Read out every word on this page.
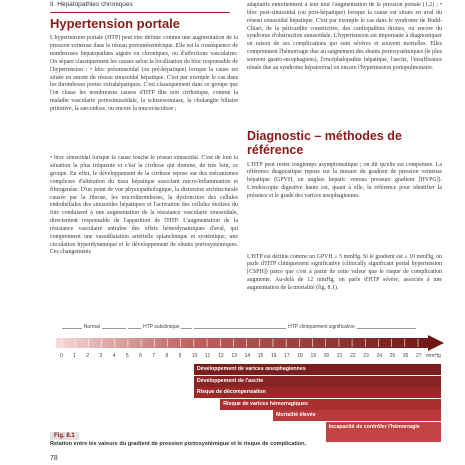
II. Hépatopathies chroniques
Hypertension portale

L'hypertension portale (HTP) peut être définie comme une augmentation de la pression veineuse dans le réseau portomésentérique. Elle est la conséquence de nombreuses hépatopathies aiguës ou chroniques, ou d'affections vasculaires. On sépare classiquement les causes selon la localisation du bloc responsable de l'hypertension : • bloc présinusoïdal (ou pré-hépatique) lorsque la cause est située en amont du réseau sinusoïdal hépatique. C'est par exemple le cas dans les thromboses portes extrahépatiques. C'est classiquement dans ce groupe que l'on classe les nombreuses causes d'HTP dite non cirrhotique, comme la maladie vasculaire portosinusoïdale, la schistosomiase, la cholangite biliaire primitive, la sarcoïdose, ou encore la mucoviscidose ;

• bloc sinusoïdal lorsque la cause touche le réseau sinusoïdal. C'est de loin la situation la plus fréquente et c'est la cirrhose qui domine, de très loin, ce groupe. En effet, le développement de la cirrhose repose sur des mécanismes complexes d'altération du tissu hépatique associant micro-inflammation et fibrogenèse. D'un point de vue physiopathologique, la distorsion architecturale causée par la fibrose, les microthromboses, la dysfonction des cellules endothéliales des sinusoïdes hépatiques et l'activation des cellules étoilées du foie conduisent à une augmentation de la résistance vasculaire sinusoïdale, directement responsable de l'apparition de l'HTP. L'augmentation de la résistance vasculaire entraîne des effets hémodynamiques d'aval, qui comprennent une vasodilatation artérielle splanchnique et systémique, une circulation hyperdynamique et le développement de shunts portosystémiques. Ces changements

adaptatifs entretiennent à leur tour l'augmentation de la pression portale [1,2] ; • bloc post-sinusoïdal (ou post-hépatique) lorsque la cause est située en aval du réseau sinusoïdal hépatique. C'est par exemple le cas dans le syndrome de Budd-Chiari, de la péricardite constrictive, des cardiopathies droites, ou encore du syndrome d'obstruction sinusoïdale. L'hypertension est importante à diagnostiquer en raison de ses complications qui sont sévères et souvent mortelles. Elles comprennent l'hémorragie due au saignement des shunts portosystémiques (le plus souvent gastro-œsophagiens), l'encéphalopathie hépatique, l'ascite, l'insuffisance rénale due au syndrome hépatorénal ou encore l'hypertension portopulmonaire.

Diagnostic – méthodes de référence

L'HTP peut rester longtemps asymptomatique ; on dit qu'elle est compensée. La référence diagnostique repose sur la mesure du gradient de pression veineuse hépatique (GPVH, en anglais hepatic venous pressure gradient [HVPG]). L'endoscopie digestive haute est, quant à elle, la référence pour identifier la présence et le grade des varices œsophagiennes.

L'HTP est définie comme un GPVH ≥ 5 mmHg. Si le gradient est ≥ 10 mmHg, on parle d'HTP cliniquement significative (clinically significant portal hypertension [CSPH]) parce que c'est à partir de cette valeur que le risque de complication augmente. Au-delà de 12 mmHg, on parle d'HTP sévère, associée à une augmentation de la mortalité (fig. 8.1).

Normal	HTP subclinique	HTP cliniquement significative
0 1 2 3 4 5 6 7 8 9 10 11 12 13 14 15 16 17 18 19 20 21 22 23 24 25 26 27 mmHg
Développement de varices œsophagiennes
Développement de l'ascite
Risque de décompensation
Risque de varices hémorragiques
Mortalité élevée
Incapacité de contrôler l'hémorragie
Fig. 8.1
Relation entre les valeurs du gradient de pression portosystémique et le risque de complication.
78
